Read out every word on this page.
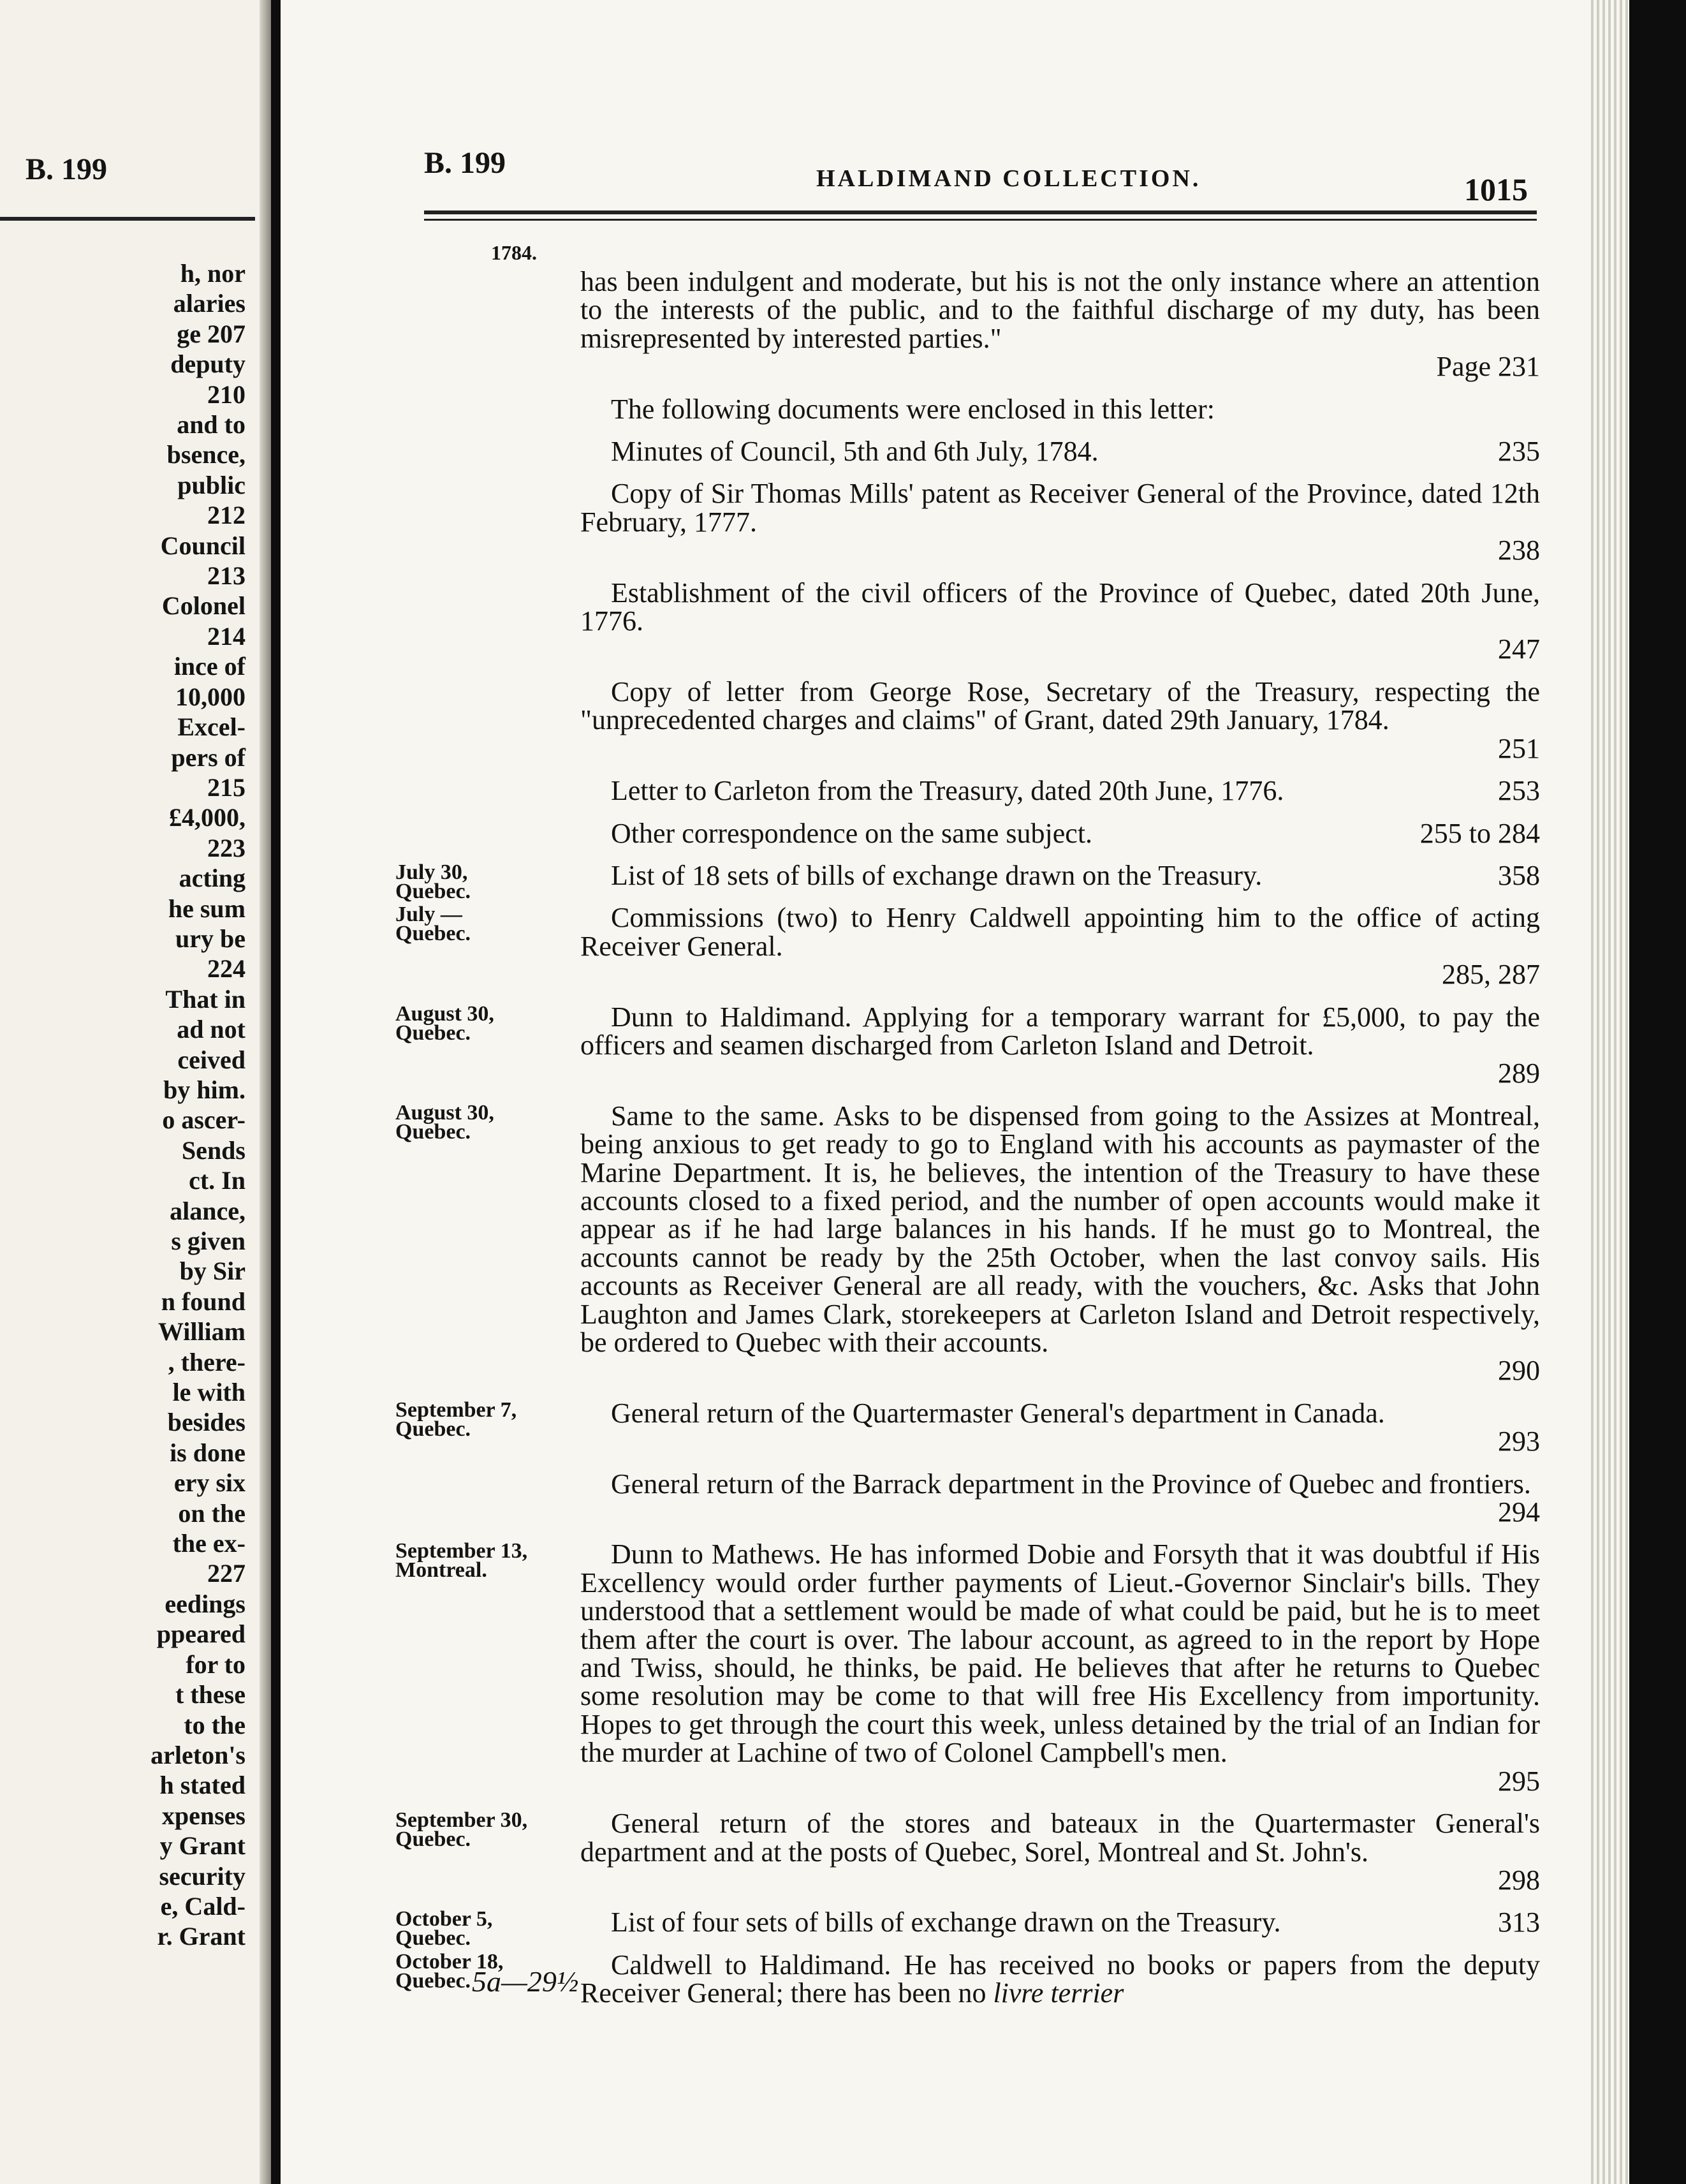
B. 199
h, nor
alaries
ge 207
deputy
210
and to
bsence,
public
212
Council
213
Colonel
214
ince of
10,000
Excel-
pers of
215
£4,000,
223
acting
he sum
ury be
224
That in
ad not
ceived
by him.
o ascer-
Sends
ct. In
alance,
s given
by Sir
n found
William
, there-
le with
besides
is done
ery six
on the
the ex-
227
eedings
ppeared
for to
t these
to the
arleton's
h stated
xpenses
y Grant
security
e, Cald-
r. Grant
B. 199	HALDIMAND COLLECTION.	1015
1784.
has been indulgent and moderate, but his is not the only instance where an attention to the interests of the public, and to the faithful discharge of my duty, has been misrepresented by interested parties."
Page 231
The following documents were enclosed in this letter:
235
Minutes of Council, 5th and 6th July, 1784.
Copy of Sir Thomas Mills' patent as Receiver General of the Province, dated 12th February, 1777.
238
Establishment of the civil officers of the Province of Quebec, dated 20th June, 1776.
247
Copy of letter from George Rose, Secretary of the Treasury, respecting the "unprecedented charges and claims" of Grant, dated 29th January, 1784.
251
253
Letter to Carleton from the Treasury, dated 20th June, 1776.
255 to 284
Other correspondence on the same subject.
July 30,
Quebec.
358
List of 18 sets of bills of exchange drawn on the Treasury.
July —
Quebec.
Commissions (two) to Henry Caldwell appointing him to the office of acting Receiver General.
285, 287
August 30,
Quebec.
Dunn to Haldimand. Applying for a temporary warrant for £5,000, to pay the officers and seamen discharged from Carleton Island and Detroit.
289
August 30,
Quebec.
Same to the same. Asks to be dispensed from going to the Assizes at Montreal, being anxious to get ready to go to England with his accounts as paymaster of the Marine Department. It is, he believes, the intention of the Treasury to have these accounts closed to a fixed period, and the number of open accounts would make it appear as if he had large balances in his hands. If he must go to Montreal, the accounts cannot be ready by the 25th October, when the last convoy sails. His accounts as Receiver General are all ready, with the vouchers, &c. Asks that John Laughton and James Clark, storekeepers at Carleton Island and Detroit respectively, be ordered to Quebec with their accounts.
290
September 7,
Quebec.
General return of the Quartermaster General's department in Canada.
293
General return of the Barrack department in the Province of Quebec and frontiers.
294
September 13,
Montreal.
Dunn to Mathews. He has informed Dobie and Forsyth that it was doubtful if His Excellency would order further payments of Lieut.-Governor Sinclair's bills. They understood that a settlement would be made of what could be paid, but he is to meet them after the court is over. The labour account, as agreed to in the report by Hope and Twiss, should, he thinks, be paid. He believes that after he returns to Quebec some resolution may be come to that will free His Excellency from importunity. Hopes to get through the court this week, unless detained by the trial of an Indian for the murder at Lachine of two of Colonel Campbell's men.
295
September 30,
Quebec.
General return of the stores and bateaux in the Quartermaster General's department and at the posts of Quebec, Sorel, Montreal and St. John's.
298
October 5,
Quebec.
313
List of four sets of bills of exchange drawn on the Treasury.
October 18,
Quebec.
Caldwell to Haldimand. He has received no books or papers from the deputy Receiver General; there has been no livre terrier
5a—29½
